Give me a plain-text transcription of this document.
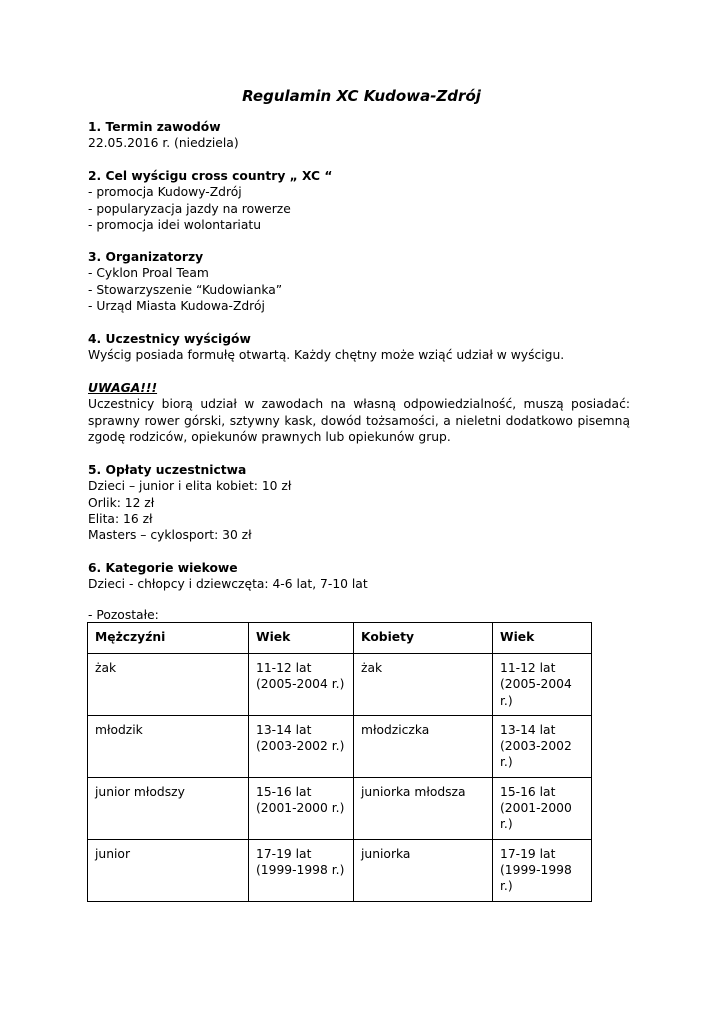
Regulamin XC Kudowa-Zdrój

1. Termin zawodów

22.05.2016 r. (niedziela)

2. Cel wyścigu cross country „ XC “

- promocja Kudowy-Zdrój

- popularyzacja jazdy na rowerze

- promocja idei wolontariatu

3. Organizatorzy

- Cyklon Proal Team

- Stowarzyszenie “Kudowianka”

- Urząd Miasta Kudowa-Zdrój

4. Uczestnicy wyścigów

Wyścig posiada formułę otwartą. Każdy chętny może wziąć udział w wyścigu.

UWAGA!!!

Uczestnicy biorą udział w zawodach na własną odpowiedzialność, muszą posiadać: sprawny rower górski, sztywny kask, dowód tożsamości, a nieletni dodatkowo pisemną zgodę rodziców, opiekunów prawnych lub opiekunów grup.

5. Opłaty uczestnictwa

Dzieci – junior i elita kobiet: 10 zł

Orlik: 12 zł

Elita: 16 zł

Masters – cyklosport: 30 zł

6. Kategorie wiekowe

Dzieci - chłopcy i dziewczęta: 4-6 lat, 7-10 lat

- Pozostałe:
Mężczyźni	Wiek	Kobiety	Wiek
żak	11-12 lat (2005-2004 r.)	żak	11-12 lat (2005-2004 r.)
młodzik	13-14 lat (2003-2002 r.)	młodziczka	13-14 lat (2003-2002 r.)
junior młodszy	15-16 lat (2001-2000 r.)	juniorka młodsza	15-16 lat (2001-2000 r.)
junior	17-19 lat (1999-1998 r.)	juniorka	17-19 lat (1999-1998 r.)
